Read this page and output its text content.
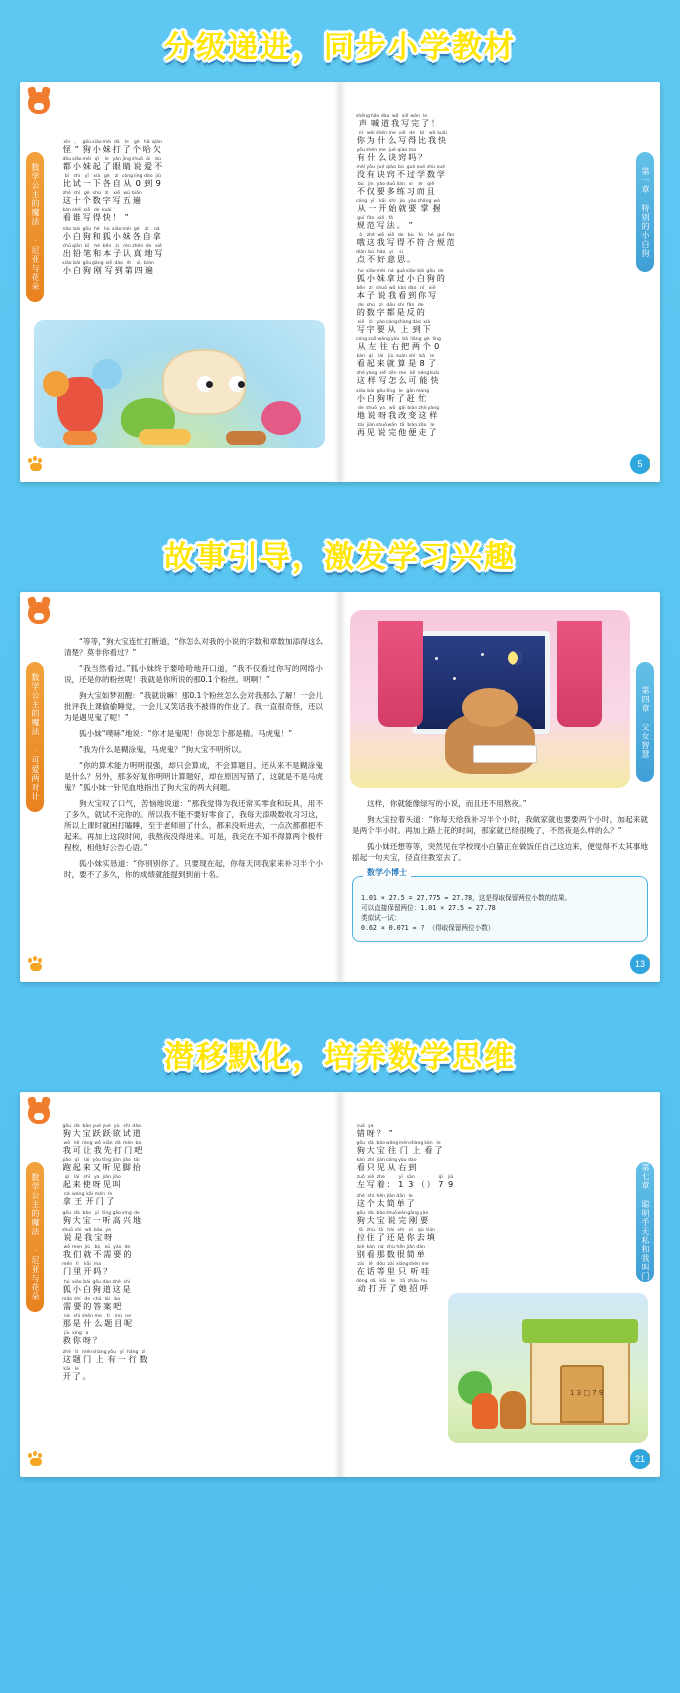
分级递进，同步小学教材
数学公主的魔法 ·尼亚与花朵
xīn
怪
。
”
gǒu
狗
xiǎo
小
mèi
妹
dǎ
打
le
了
gè
个
hā
哈
qiàn
欠
dōu
都
xiǎo
小
mèi
妹
qǐ
起
le
了
yǎn
眼
jīng
睛
shuō
说
ài
爱
bù
不
bǐ
比
shì
试
yī
一
xià
下
gè
各
zì
自
cóng
从
líng
0
dào
到
jiǔ
9
zhè
这
shí
十
gè
个
shù
数
zì
字
xiě
写
wǔ
五
biàn
遍
kàn
看
shéi
谁
xiě
写
de
得
kuài
快 ！ ”
nǎo
小
bái
白
gǒu
狗
hé
和
hú
狐
xiǎo
小
mèi
妹
gè
各
zì
自
ná
拿
chū
出
qiān
铅
bǐ
笔
hé
和
běn
本
zi
子
rèn
认
zhēn
真
de
地
xiě
写
xiǎo
小
bái
白
gǒu
狗
gāng
刚
xiě
写
dào
到
dì
第
sì
四
biàn
遍
第一章 特别的小白狗
shēng
声
hǎn
喊
dào
道
wǒ
我
xiě
写
wán
完
le
了 ！
nǐ
你
wèi
为
shén
什
me
么
xiě
写
de
得
bǐ
比
wǒ
我
kuài
快
yǒu
有
shén
什
me
么
jué
诀
qiào
窍
ma
吗 ？
méi
没
yǒu
有
jué
诀
qiào
窍
bù
不
guò
过
xué
学
shù
数
xué
学
bù
不
jǐn
仅
yào
要
duō
多
liàn
练
xí
习
ér
而
qiě
且
cóng
从
yī
一
kāi
开
shǐ
始
jiù
就
yào
要
zhǎng
掌
wò
握
guī
规
fàn
范
xiě
写
fǎ
法 。 ”
ò
哦
zhè
这
wǒ
我
xiě
写
de
得
bù
不
fú
符
hé
合
guī
规
fàn
范
diǎn
点
bù
不
hǎo
好
yì
意
si
思 。
hú
狐
xiǎo
小
mèi
妹
ná
拿
guò
过
xiǎo
小
bái
白
gǒu
狗
de
的
běn
本
zi
子
shuō
说
wǒ
我
kàn
看
dào
到
nǐ
你
xiě
写
de
的
shù
数
zì
字
dōu
都
shì
是
fǎn
反
de
的
xiě
写
zì
字
yào
要
cóng
从
shàng
上
dào
到
xià
下
cóng
从
zuǒ
左
wǎng
往
yòu
右
bǎ
把
liǎng
两
gè
个
líng
0
kàn
看
qǐ
起
lái
来
jiù
就
suàn
算
shì
是
bā
8
le
了
zhè
这
yàng
样
xiě
写
zěn
怎
me
么
kě
可
néng
能
kuài
快
xiǎo
小
bái
白
gǒu
狗
tīng
听
le
了
gǎn
赶
máng
忙
de
地
shuō
说
ya
呀
wǒ
我
gǎi
改
biàn
变
zhè
这
yàng
样
zài
再
jiàn
见
shuō
说
wán
完
tā
他
biàn
便
zǒu
走
le
了
5
故事引导，激发学习兴趣
数学公主的魔法 ·可爱两对计

“等等，”狗大宝连忙打断道，“你怎么对我的小说的字数和章数加添得这么清楚？莫非你看过？”

“我当然看过。”狐小妹终于要哈哈地开口道，“我不仅看过你写的网络小说，还是你的粉丝呢！我就是你所说的那0.1个粉丝。明啊！”

狗大宝如梦初醒：“我就说嘛！那0.1个粉丝怎么会对我那么了解！一会儿批评我上课偷偷睡觉，一会儿又笑话我不被得的作业了。我一直很奇怪，还以为是遇见鬼了呢！”

狐小妹“噗哧”地说：“你才是鬼呢！你说怎个都是精。马虎鬼！”

“我为什么是糊涂鬼，马虎鬼？”狗大宝不明所以。

“你的算术能力明明很强，却只会算成，不会算题目。还从来不是糊涂鬼是什么？另外，那多好复你明明计算题好，却在原因写错了，这就是不是马虎鬼？”狐小妹一针见血地指出了狗大宝的两大问题。

狗大宝叹了口气，苦恼地说道：“那我觉得为我还常买零食和玩具，用不了多久，就试不完你的。所以我不能不要好零食了，我每天添吸数收习习这，所以上课时就困打瞌睡，至于老师留了什么，都来没听进去，一点次都都把不起来。再加上这段时间，我熬夜没得进来。可是，我完在不知不得算两个极杆程校，相他好公告心语。”

狐小妹实恳道：“你别别你了。只要现在起，你每天同我家来补习半个小时，要不了多久，你的成绩就能提到到前十名。

第四章 父女智慧

这样，你就能像绿写的小说，而且还不用熬夜。”

狗大宝拉着头道：“你每天给我补习半个小时，我做家就也要要两个小时，加起来就是两个半小时。再加上路上花的时间，那家就已经很晚了，不然夜是么样的么？”

狐小妹还想等等，突然见在学校现小白猫正在做饭任自己这边来，便觉得不太其事地摇起一句夫宝，径直往教室去了。

数学小博士
1.01 × 27.5 = 27.775 ≈ 27.78，这是得取保留两位小数的结果。
可以直接保留两位：1.01 × 27.5 ≈ 27.78
类似试一试：
0.62 × 0.071 ≈ ? （得取保留两位小数）
13
潜移默化，培养数学思维
数学公主的魔法 ·尼亚与花朵
gǒu
狗
dà
大
bǎo
宝
yuè
跃
yuè
跃
yù
欲
shì
试
dào
道
wǒ
我
kě
可
ràng
让
wǒ
我
xiān
先
dǎ
打
mén
门
ba
吧
pǎo
跑
qǐ
起
lái
来
yòu
又
tīng
听
jiàn
见
jiǎo
脚
tái
抬
qǐ
起
lái
来
shǐ
使
ya
呀
jiàn
见
jiào
叫
ná
拿
wáng
王
kāi
开
mén
门
le
了
gǒu
狗
dà
大
bǎo
宝
yī
一
tīng
听
gāo
高
xìng
兴
de
地
shuō
说
shì
是
wǒ
我
bǎo
宝
ya
呀
wǒ
我
men
们
jiù
就
bù
不
xū
需
yào
要
de
的
mén
门
lǐ
里
kāi
开
ma
吗 ？
hú
狐
xiǎo
小
bái
白
gǒu
狗
dào
道
zhè
这
shì
是
mǎo
需
shí
要
de
的
chū
答
lái
案
ba
吧
nà
那
shì
是
shén
什
me
么
tí
题
mù
目
ne
呢
jiù
救
xìng
你
a
呀 ？
zhè
这
tí
题
mén
门
shàng
上
yǒu
有
yī
一
háng
行
zì
数
kāi
开
le
了 。
第七章 聪明手无私和我叫门
cuò
错
ya
呀 ？ ”
gǒu
狗
dà
大
bǎo
宝
wǎng
往
mén
门
shàng
上
kàn
看
le
了
kàn
看
zhǐ
只
jiàn
见
cóng
从
yòu
右
dào
到
zuǒ
左
xiě
写
zhe
着 ：
yī
1
sān
3 （ ）
qī
7
jiǔ
9
zhè
这
shì
个
hěn
太
jiǎn
简
dān
单
le
了
gǒu
狗
dà
大
bǎo
宝
shuō
说
wán
完
gāng
刚
yào
要
lā
拉
zhù
住
tā
了
hái
还
shì
是
nǐ
你
qù
去
tián
填
bié
别
kàn
看
nà
那
shù
数
hěn
很
jiǎn
简
dān
单
zài
在
lè
话
dōu
等
zài
里
xiǎng
只
shén
听
me
哇
dòng
动
dǎ
打
kāi
开
le
了
tā
她
zhāo
招
hu
呼
1 3 □ 7 9
21
